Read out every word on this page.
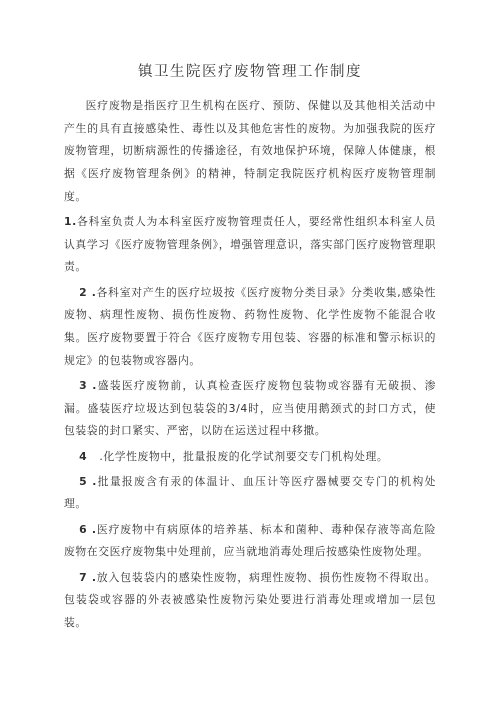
镇卫生院医疗废物管理工作制度

医疗废物是指医疗卫生机构在医疗、预防、保健以及其他相关活动中产生的具有直接感染性、毒性以及其他危害性的废物。为加强我院的医疗废物管理，切断病源性的传播途径，有效地保护环境，保障人体健康，根据《医疗废物管理条例》的精神，特制定我院医疗机构医疗废物管理制度。

1.各科室负责人为本科室医疗废物管理责任人，要经常性组织本科室人员认真学习《医疗废物管理条例》，增强管理意识，落实部门医疗废物管理职责。

2 .各科室对产生的医疗垃圾按《医疗废物分类目录》分类收集,感染性废物、病理性废物、损伤性废物、药物性废物、化学性废物不能混合收集。医疗废物要置于符合《医疗废物专用包装、容器的标准和警示标识的规定》的包装物或容器内。

3 .盛装医疗废物前，认真检查医疗废物包装物或容器有无破损、渗漏。盛装医疗垃圾达到包装袋的3/4时，应当使用鹅颈式的封口方式，使包装袋的封口紧实、严密，以防在运送过程中移撒。

4   .化学性废物中，批量报废的化学试剂要交专门机构处理。

5 .批量报废含有汞的体温计、血压计等医疗器械要交专门的机构处理。

6 .医疗废物中有病原体的培养基、标本和菌种、毒种保存液等高危险废物在交医疗废物集中处理前，应当就地消毒处理后按感染性废物处理。

7 .放入包装袋内的感染性废物，病理性废物、损伤性废物不得取出。包装袋或容器的外表被感染性废物污染处要进行消毒处理或增加一层包装。
